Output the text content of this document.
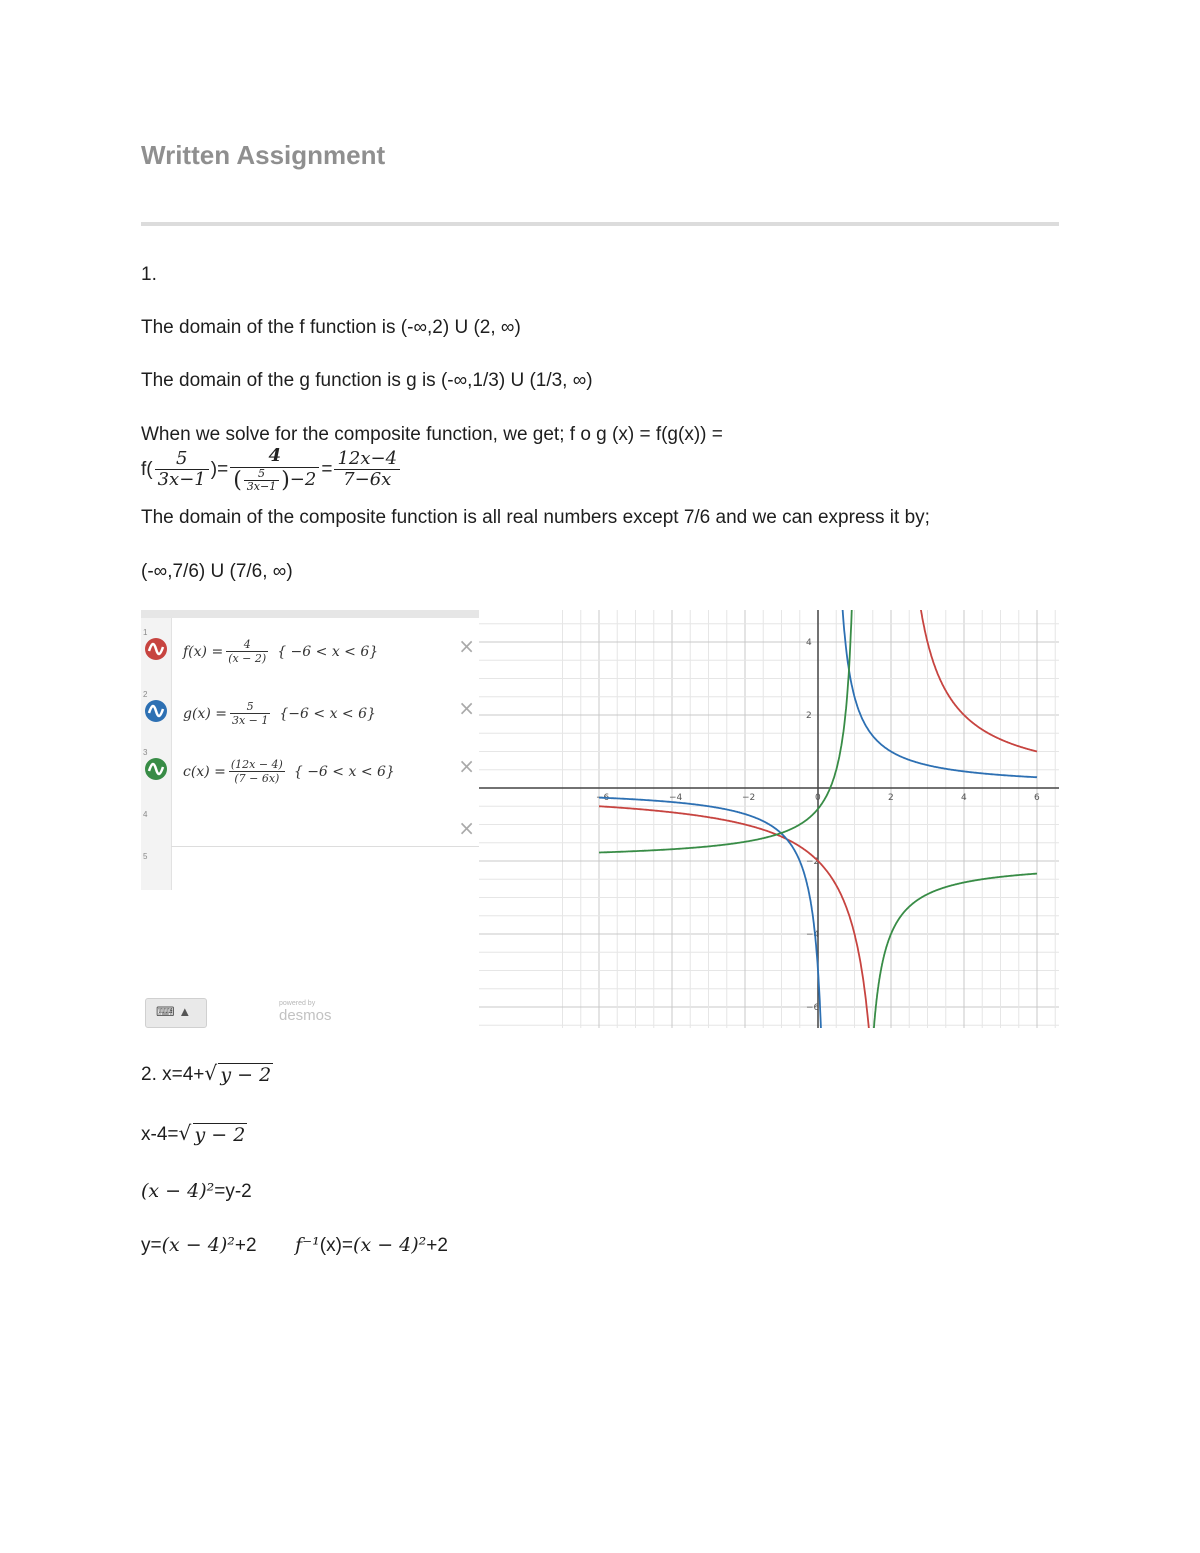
Written Assignment
1.
The domain of the f function is (-∞,2) U (2, ∞)
The domain of the g function is g is (-∞,1/3) U (1/3, ∞)
When we solve for the composite function, we get; f o g (x) = f(g(x)) =
$f( \frac{5}{3x-1}$ )= $\frac{4}{( \frac{5}{3x-1} ) -2} = \frac{12x-4}{7-6x}$
The domain of the composite function is all real numbers except 7/6 and we can express it by;
(-∞,7/6) U (7/6, ∞)
1
$f(x) = \frac{4}{(x - 2)}$ { −6 < x < 6}	×
2
$g(x) = \frac{5}{3x - 1} \{-6 < x < 6\}$	×
3
$c(x) = \frac{(12x - 4)}{(7 - 6x)}$ { −6 < x < 6}	×
4
×
5
⌨ ▲
powered by
desmos
−6	−4	−2	0	2	4	6
4
2
−2
−4
−6
2. x=4+ √ y − 2
x-4= √ y − 2
(x − 4)²=y-2
y=(x − 4)²+2 f⁻¹(x)=(x − 4)²+2
